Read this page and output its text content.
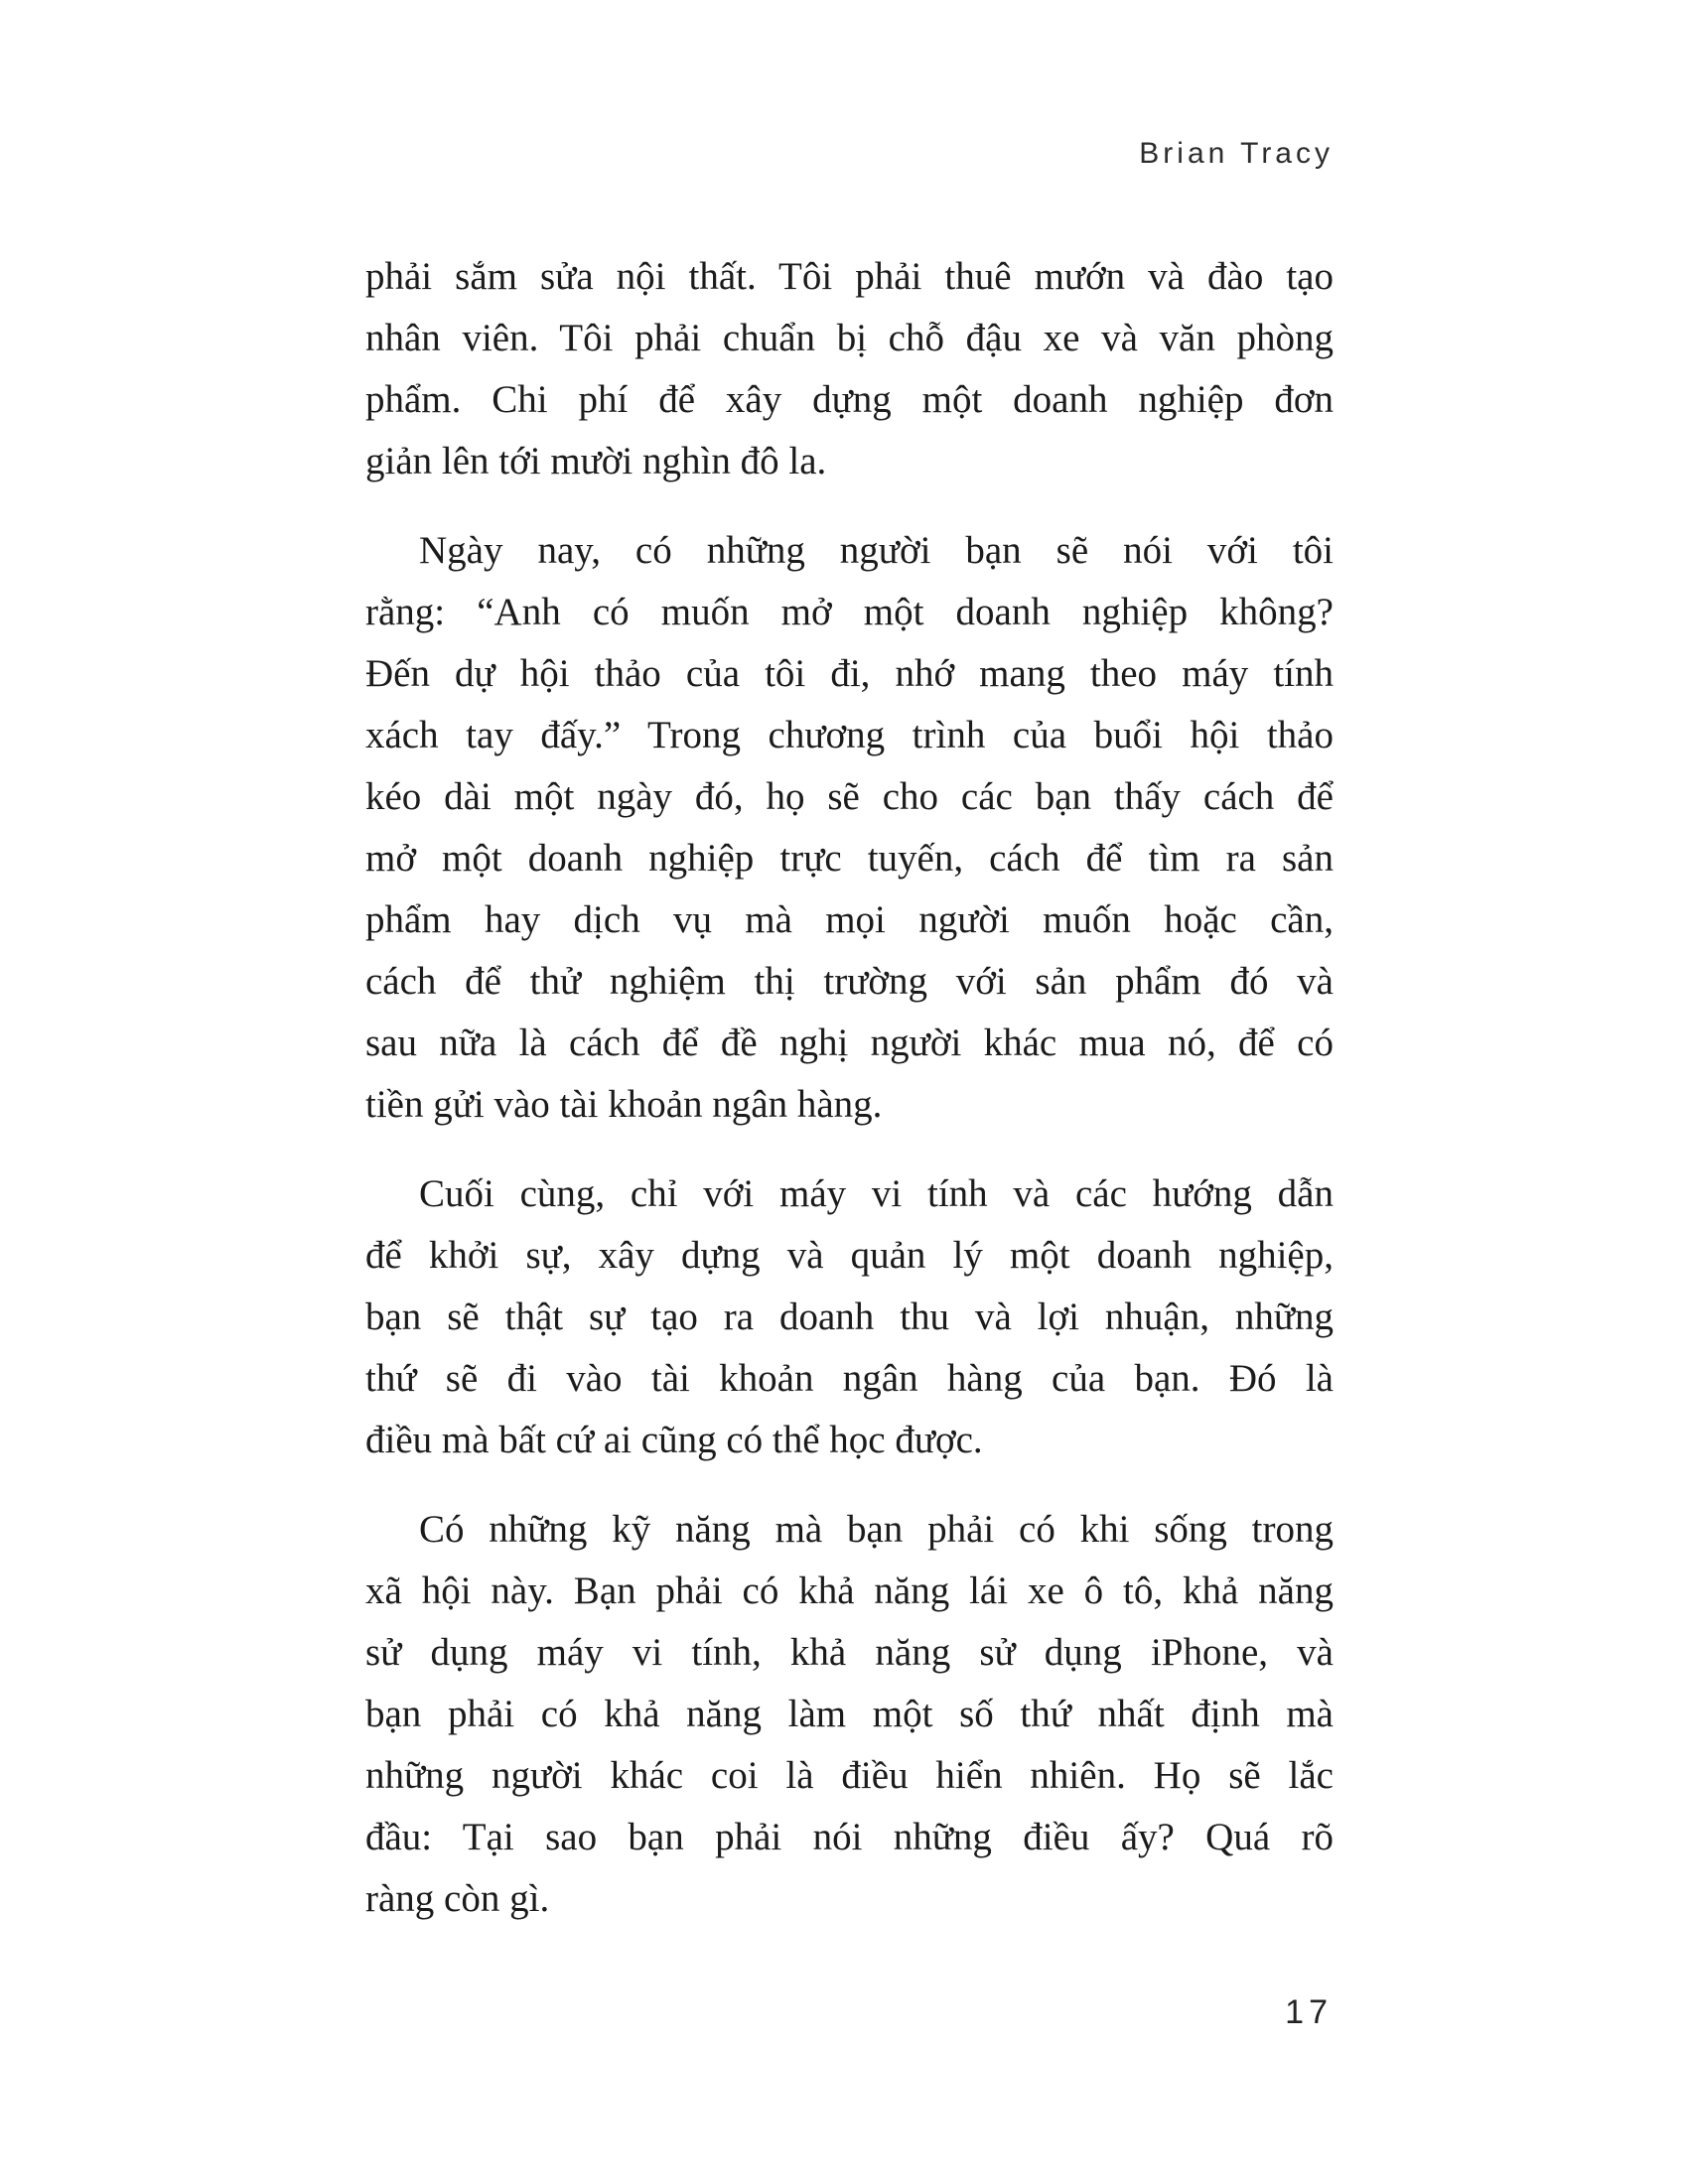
Brian Tracy
phải sắm sửa nội thất. Tôi phải thuê mướn và đào tạo
nhân viên. Tôi phải chuẩn bị chỗ đậu xe và văn phòng
phẩm. Chi phí để xây dựng một doanh nghiệp đơn
giản lên tới mười nghìn đô la.
Ngày nay, có những người bạn sẽ nói với tôi
rằng: “Anh có muốn mở một doanh nghiệp không?
Đến dự hội thảo của tôi đi, nhớ mang theo máy tính
xách tay đấy.” Trong chương trình của buổi hội thảo
kéo dài một ngày đó, họ sẽ cho các bạn thấy cách để
mở một doanh nghiệp trực tuyến, cách để tìm ra sản
phẩm hay dịch vụ mà mọi người muốn hoặc cần,
cách để thử nghiệm thị trường với sản phẩm đó và
sau nữa là cách để đề nghị người khác mua nó, để có
tiền gửi vào tài khoản ngân hàng.
Cuối cùng, chỉ với máy vi tính và các hướng dẫn
để khởi sự, xây dựng và quản lý một doanh nghiệp,
bạn sẽ thật sự tạo ra doanh thu và lợi nhuận, những
thứ sẽ đi vào tài khoản ngân hàng của bạn. Đó là
điều mà bất cứ ai cũng có thể học được.
Có những kỹ năng mà bạn phải có khi sống trong
xã hội này. Bạn phải có khả năng lái xe ô tô, khả năng
sử dụng máy vi tính, khả năng sử dụng iPhone, và
bạn phải có khả năng làm một số thứ nhất định mà
những người khác coi là điều hiển nhiên. Họ sẽ lắc
đầu: Tại sao bạn phải nói những điều ấy? Quá rõ
ràng còn gì.
17
